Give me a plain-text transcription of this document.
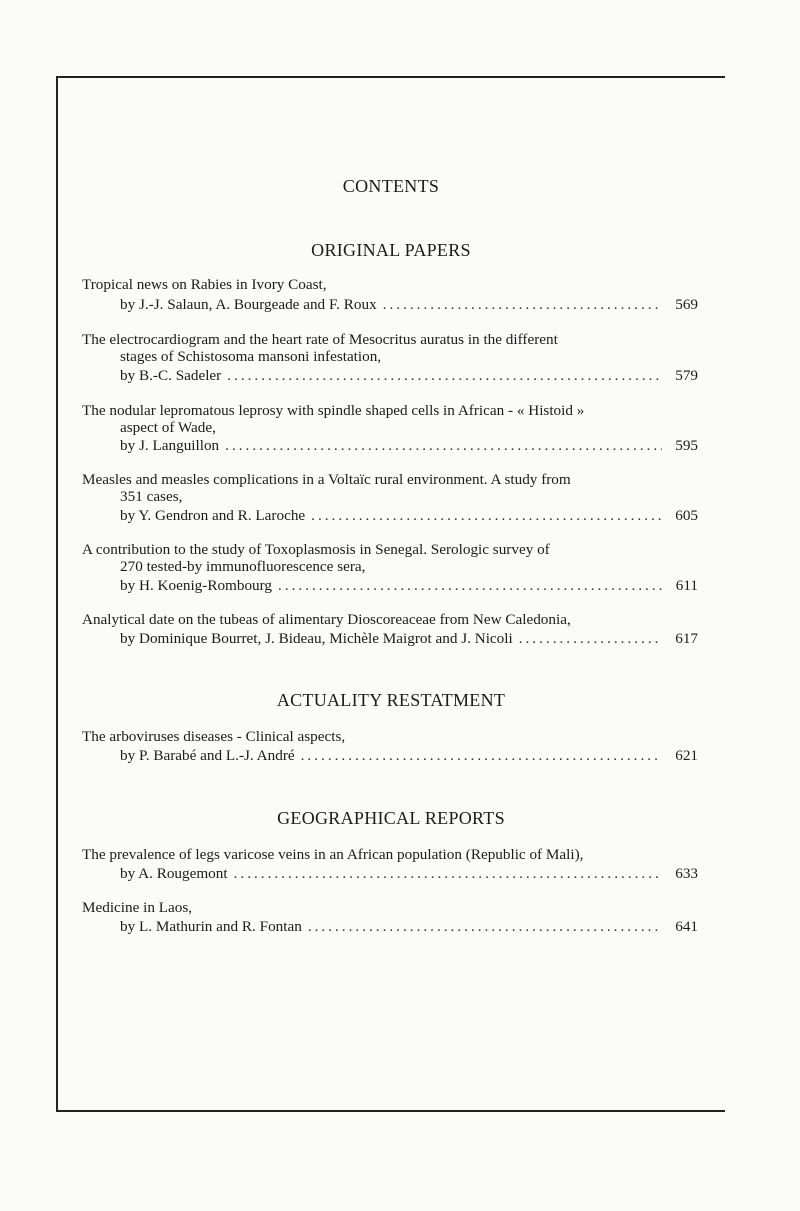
CONTENTS
ORIGINAL PAPERS
Tropical news on Rabies in Ivory Coast,
by J.-J. Salaun, A. Bourgeade and F. Roux .....	569
The electrocardiogram and the heart rate of Mesocritus auratus in the different
stages of Schistosoma mansoni infestation,
by B.-C. Sadeler .....	579
The nodular lepromatous leprosy with spindle shaped cells in African - « Histoid »
aspect of Wade,
by J. Languillon .....	595
Measles and measles complications in a Voltaïc rural environment. A study from
351 cases,
by Y. Gendron and R. Laroche .....	605
A contribution to the study of Toxoplasmosis in Senegal. Serologic survey of
270 tested-by immunofluorescence sera,
by H. Koenig-Rombourg .....	611
Analytical date on the tubeas of alimentary Dioscoreaceae from New Caledonia,
by Dominique Bourret, J. Bideau, Michèle Maigrot and J. Nicoli .....	617
ACTUALITY RESTATMENT
The arboviruses diseases - Clinical aspects,
by P. Barabé and L.-J. André .....	621
GEOGRAPHICAL REPORTS
The prevalence of legs varicose veins in an African population (Republic of Mali),
by A. Rougemont .....	633
Medicine in Laos,
by L. Mathurin and R. Fontan .....	641
